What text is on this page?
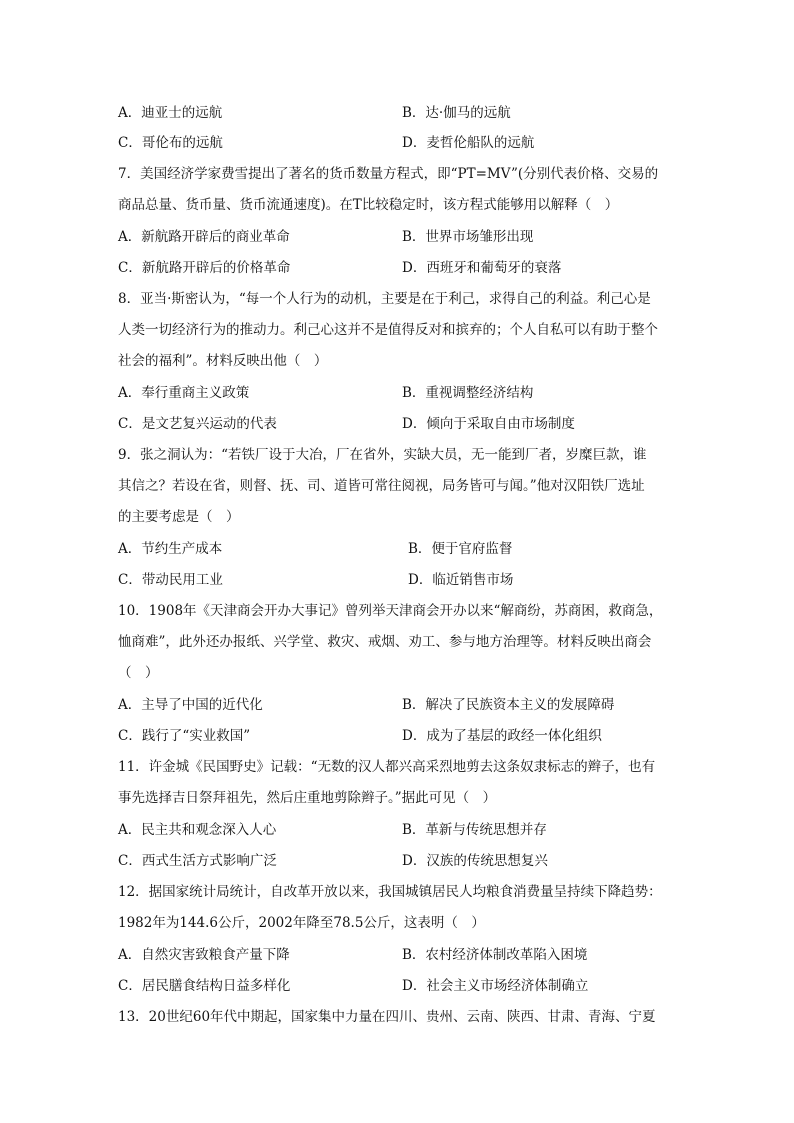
A．迪亚士的远航	B．达·伽马的远航
C．哥伦布的远航	D．麦哲伦船队的远航
7．美国经济学家费雪提出了著名的货币数量方程式，即“PT=MV”(分别代表价格、交易的
商品总量、货币量、货币流通速度)。在T比较稳定时，该方程式能够用以解释（　）
A．新航路开辟后的商业革命	B．世界市场雏形出现
C．新航路开辟后的价格革命	D．西班牙和葡萄牙的衰落
8．亚当·斯密认为，“每一个人行为的动机，主要是在于利己，求得自己的利益。利己心是
人类一切经济行为的推动力。利己心这并不是值得反对和摈弃的；个人自私可以有助于整个
社会的福利”。材料反映出他（　）
A．奉行重商主义政策	B．重视调整经济结构
C．是文艺复兴运动的代表	D．倾向于采取自由市场制度
9．张之洞认为：“若铁厂设于大冶，厂在省外，实缺大员，无一能到厂者，岁糜巨款，谁
其信之？若设在省，则督、抚、司、道皆可常往阅视，局务皆可与闻。”他对汉阳铁厂选址
的主要考虑是（　）
A．节约生产成本	B．便于官府监督
C．带动民用工业	D．临近销售市场
10．1908年《天津商会开办大事记》曾列举天津商会开办以来“解商纷，苏商困，救商急，
恤商难”，此外还办报纸、兴学堂、救灾、戒烟、劝工、参与地方治理等。材料反映出商会
（　）
A．主导了中国的近代化	B．解决了民族资本主义的发展障碍
C．践行了“实业救国”	D．成为了基层的政经一体化组织
11．许金城《民国野史》记载：“无数的汉人都兴高采烈地剪去这条奴隶标志的辫子，也有
事先选择吉日祭拜祖先，然后庄重地剪除辫子。”据此可见（　）
A．民主共和观念深入人心	B．革新与传统思想并存
C．西式生活方式影响广泛	D．汉族的传统思想复兴
12．据国家统计局统计，自改革开放以来，我国城镇居民人均粮食消费量呈持续下降趋势：
1982年为144.6公斤，2002年降至78.5公斤，这表明（　）
A．自然灾害致粮食产量下降	B．农村经济体制改革陷入困境
C．居民膳食结构日益多样化	D．社会主义市场经济体制确立
13．20世纪60年代中期起，国家集中力量在四川、贵州、云南、陕西、甘肃、青海、宁夏
